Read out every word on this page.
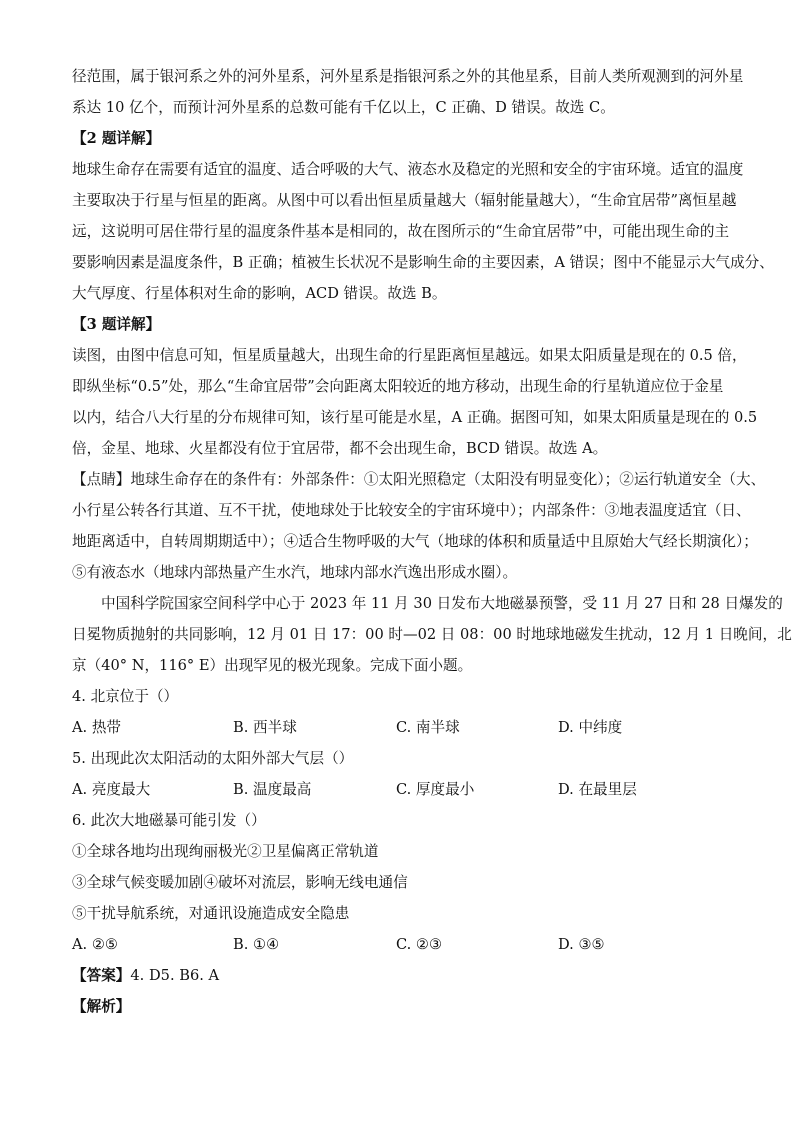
径范围，属于银河系之外的河外星系，河外星系是指银河系之外的其他星系，目前人类所观测到的河外星
系达 10 亿个，而预计河外星系的总数可能有千亿以上，C 正确、D 错误。故选 C。
【2 题详解】
地球生命存在需要有适宜的温度、适合呼吸的大气、液态水及稳定的光照和安全的宇宙环境。适宜的温度
主要取决于行星与恒星的距离。从图中可以看出恒星质量越大（辐射能量越大），“生命宜居带”离恒星越
远，这说明可居住带行星的温度条件基本是相同的，故在图所示的“生命宜居带”中，可能出现生命的主
要影响因素是温度条件，B 正确；植被生长状况不是影响生命的主要因素，A 错误；图中不能显示大气成分、
大气厚度、行星体积对生命的影响，ACD 错误。故选 B。
【3 题详解】
读图，由图中信息可知，恒星质量越大，出现生命的行星距离恒星越远。如果太阳质量是现在的 0.5 倍，
即纵坐标“0.5”处，那么“生命宜居带”会向距离太阳较近的地方移动，出现生命的行星轨道应位于金星
以内，结合八大行星的分布规律可知，该行星可能是水星，A 正确。据图可知，如果太阳质量是现在的 0.5
倍，金星、地球、火星都没有位于宜居带，都不会出现生命，BCD 错误。故选 A。
【点睛】地球生命存在的条件有：外部条件：①太阳光照稳定（太阳没有明显变化）；②运行轨道安全（大、
小行星公转各行其道、互不干扰，使地球处于比较安全的宇宙环境中）；内部条件：③地表温度适宜（日、
地距离适中，自转周期期适中）；④适合生物呼吸的大气（地球的体积和质量适中且原始大气经长期演化）；
⑤有液态水（地球内部热量产生水汽，地球内部水汽逸出形成水圈）。
中国科学院国家空间科学中心于 2023 年 11 月 30 日发布大地磁暴预警，受 11 月 27 日和 28 日爆发的
日冕物质抛射的共同影响，12 月 01 日 17：00 时—02 日 08：00 时地球地磁发生扰动，12 月 1 日晚间，北
京（40° N，116° E）出现罕见的极光现象。完成下面小题。
4. 北京位于（）
A. 热带	B. 西半球	C. 南半球	D. 中纬度
5. 出现此次太阳活动的太阳外部大气层（）
A. 亮度最大	B. 温度最高	C. 厚度最小	D. 在最里层
6. 此次大地磁暴可能引发（）
①全球各地均出现绚丽极光②卫星偏离正常轨道
③全球气候变暖加剧④破坏对流层，影响无线电通信
⑤干扰导航系统，对通讯设施造成安全隐患
A. ②⑤	B. ①④	C. ②③	D. ③⑤
【答案】4. D5. B6. A
【解析】
